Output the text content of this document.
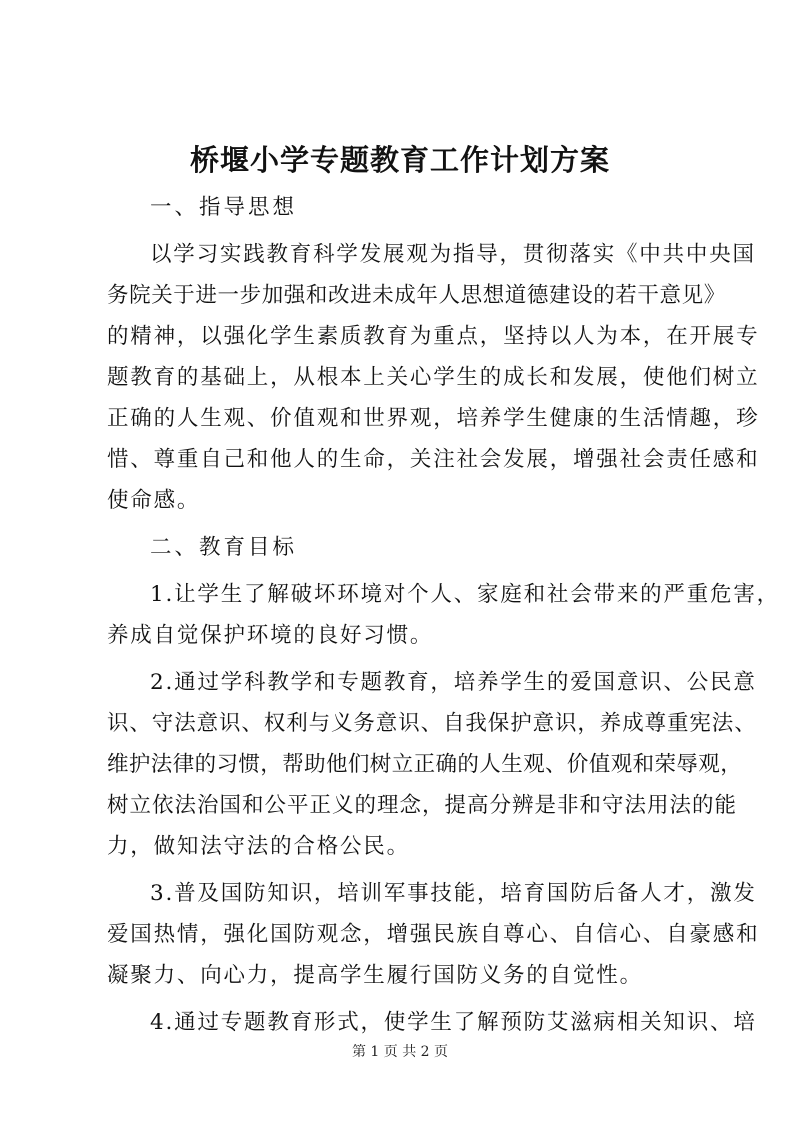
桥堰小学专题教育工作计划方案
一、指导思想
以学习实践教育科学发展观为指导，贯彻落实《中共中央国
务院关于进一步加强和改进未成年人思想道德建设的若干意见》
的精神，以强化学生素质教育为重点，坚持以人为本，在开展专
题教育的基础上，从根本上关心学生的成长和发展，使他们树立
正确的人生观、价值观和世界观，培养学生健康的生活情趣，珍
惜、尊重自己和他人的生命，关注社会发展，增强社会责任感和
使命感。
二、教育目标
1.让学生了解破坏环境对个人、家庭和社会带来的严重危害，
养成自觉保护环境的良好习惯。
2.通过学科教学和专题教育，培养学生的爱国意识、公民意
识、守法意识、权利与义务意识、自我保护意识，养成尊重宪法、
维护法律的习惯，帮助他们树立正确的人生观、价值观和荣辱观，
树立依法治国和公平正义的理念，提高分辨是非和守法用法的能
力，做知法守法的合格公民。
3.普及国防知识，培训军事技能，培育国防后备人才，激发
爱国热情，强化国防观念，增强民族自尊心、自信心、自豪感和
凝聚力、向心力，提高学生履行国防义务的自觉性。
4.通过专题教育形式，使学生了解预防艾滋病相关知识、培
第 1 页 共 2 页
